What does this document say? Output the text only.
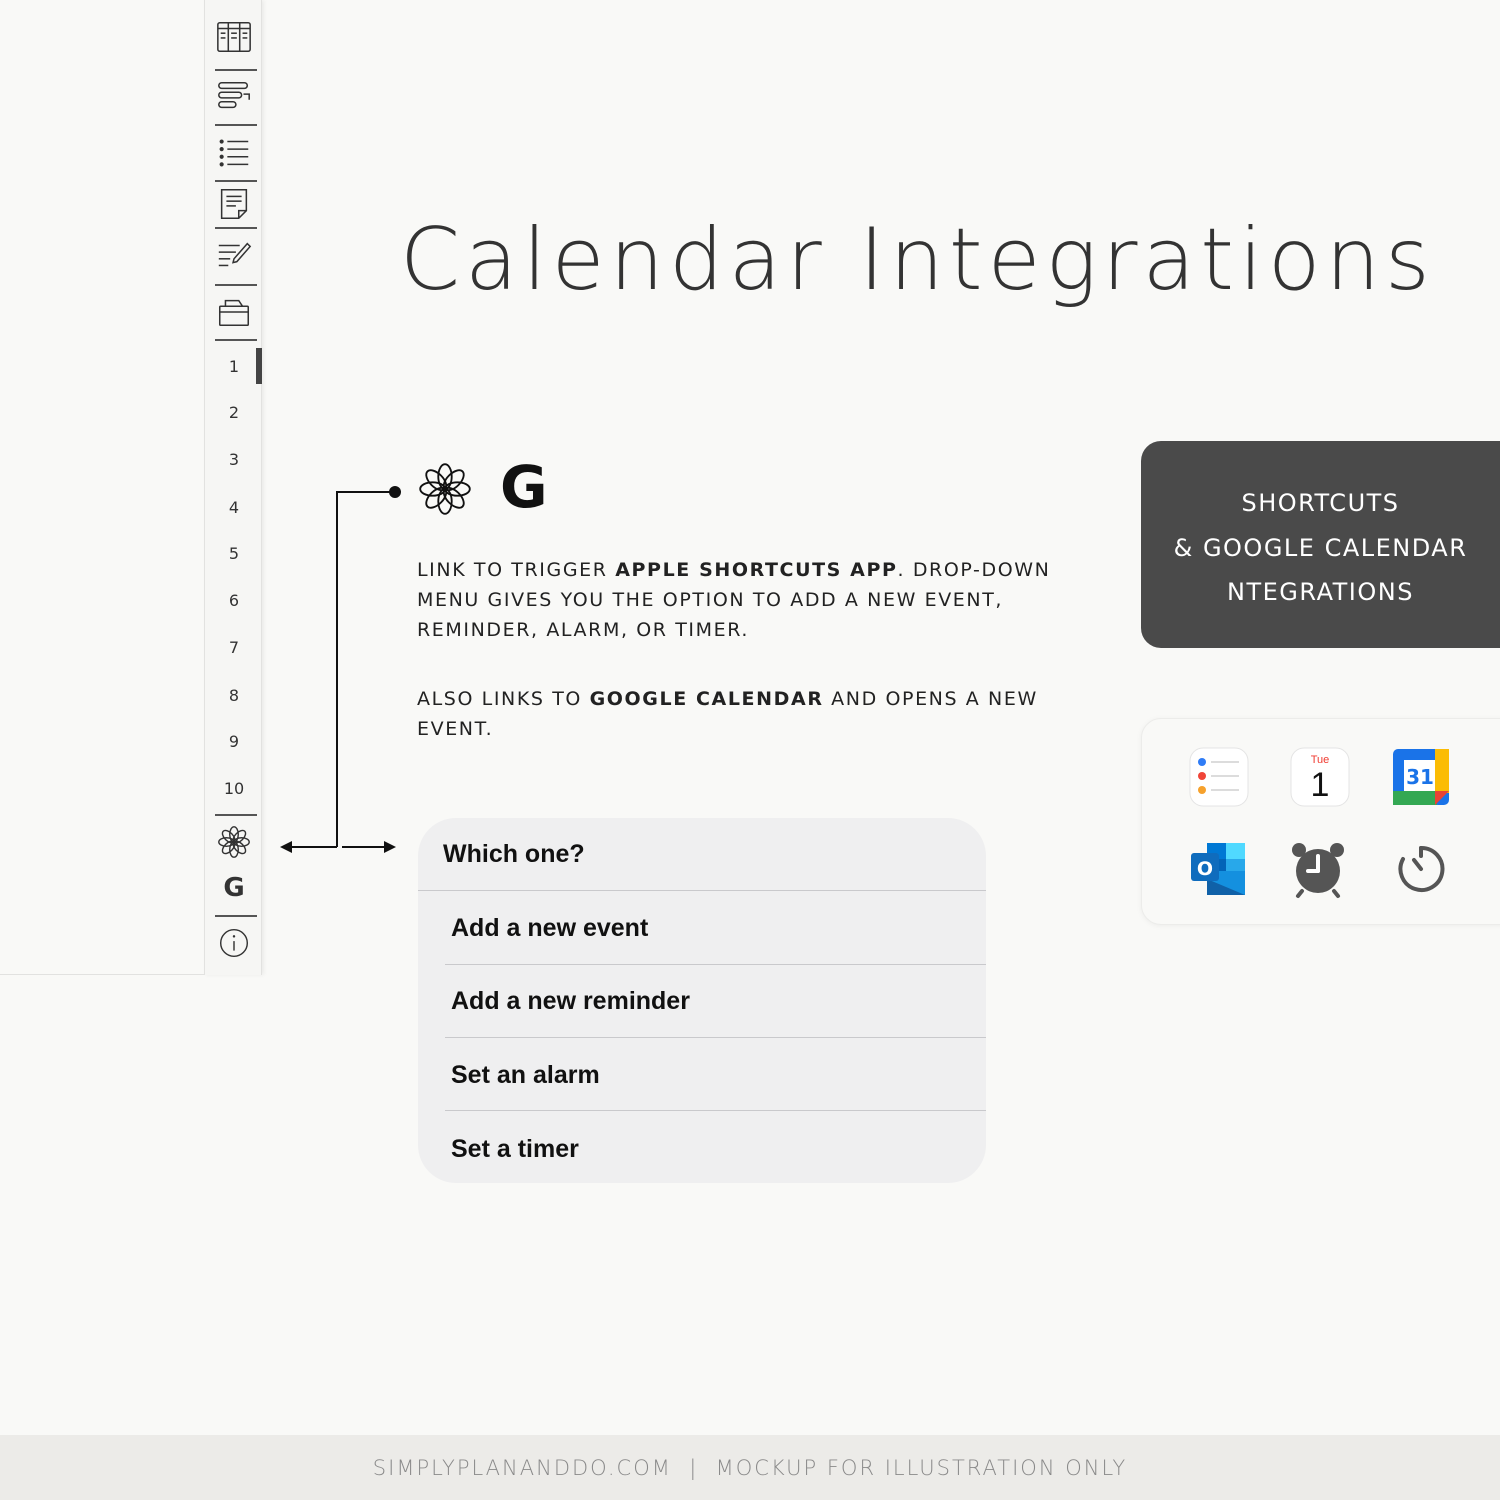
1
2
3
4
5
6
7
8
9
10
G
Calendar Integrations
G

LINK TO TRIGGER APPLE SHORTCUTS APP. DROP-DOWN MENU GIVES YOU THE OPTION TO ADD A NEW EVENT, REMINDER, ALARM, OR TIMER.

ALSO LINKS TO GOOGLE CALENDAR AND OPENS A NEW EVENT.

Which one?
Add a new event
Add a new reminder
Set an alarm
Set a timer
SHORTCUTS
& GOOGLE CALENDAR
NTEGRATIONS
Tue
1	31
O
SIMPLYPLANANDDO.COM  |  MOCKUP FOR ILLUSTRATION ONLY
